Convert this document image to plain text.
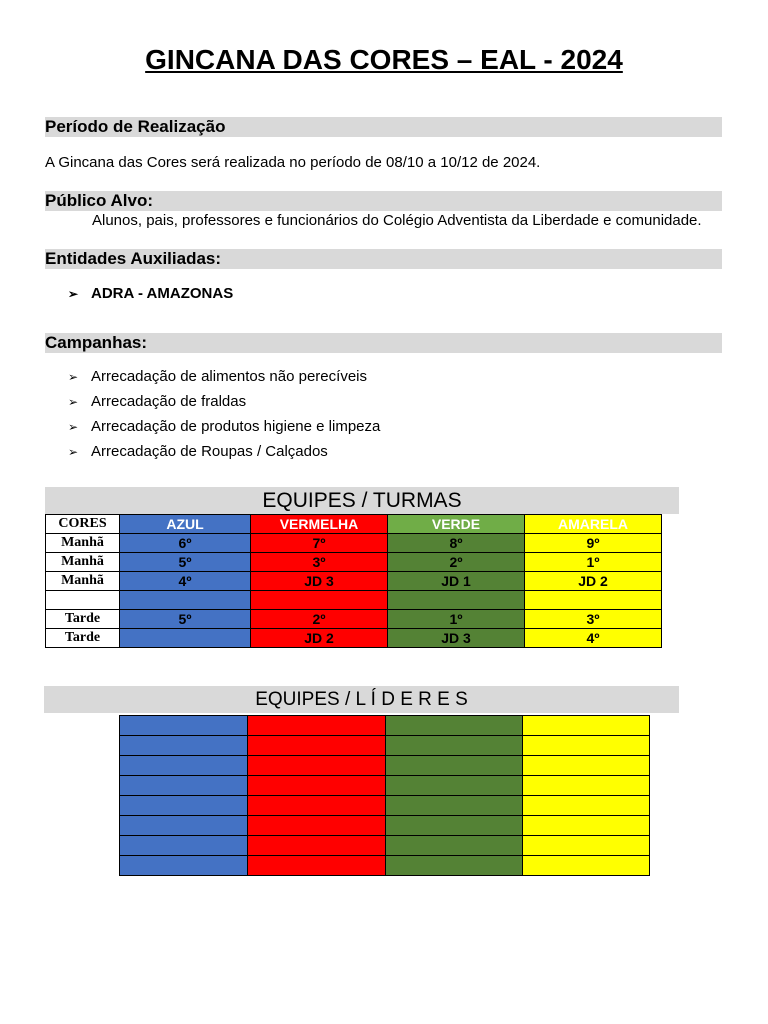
GINCANA DAS CORES – EAL - 2024
Período de Realização
A Gincana das Cores será realizada no período de 08/10 a 10/12 de 2024.
Público Alvo:
Alunos, pais, professores e funcionários do Colégio Adventista da Liberdade e comunidade.
Entidades Auxiliadas:
➢ ADRA - AMAZONAS
Campanhas:
➢ Arrecadação de alimentos não perecíveis
➢ Arrecadação de fraldas
➢ Arrecadação de produtos higiene e limpeza
➢ Arrecadação de Roupas / Calçados
EQUIPES / TURMAS
CORES	AZUL	VERMELHA	VERDE	AMARELA
Manhã	6º	7º	8º	9º
Manhã	5º	3º	2º	1º
Manhã	4º	JD 3	JD 1	JD 2

Tarde	5º	2º	1º	3º
Tarde		JD 2	JD 3	4º
EQUIPES / L Í D E R E S
